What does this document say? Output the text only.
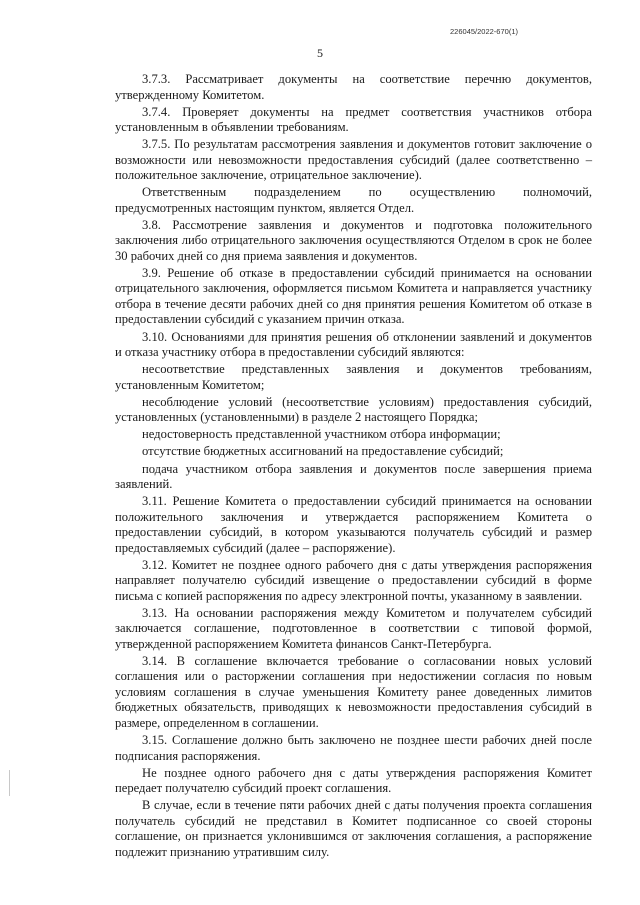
226045/2022-670(1)
5

3.7.3. Рассматривает документы на соответствие перечню документов, утвержденному Комитетом.

3.7.4. Проверяет документы на предмет соответствия участников отбора установленным в объявлении требованиям.

3.7.5. По результатам рассмотрения заявления и документов готовит заключение о возможности или невозможности предоставления субсидий (далее соответственно – положительное заключение, отрицательное заключение).

Ответственным подразделением по осуществлению полномочий, предусмотренных настоящим пунктом, является Отдел.

3.8. Рассмотрение заявления и документов и подготовка положительного заключения либо отрицательного заключения осуществляются Отделом в срок не более 30 рабочих дней со дня приема заявления и документов.

3.9. Решение об отказе в предоставлении субсидий принимается на основании отрицательного заключения, оформляется письмом Комитета и направляется участнику отбора в течение десяти рабочих дней со дня принятия решения Комитетом об отказе в предоставлении субсидий с указанием причин отказа.

3.10. Основаниями для принятия решения об отклонении заявлений и документов и отказа участнику отбора в предоставлении субсидий являются:

несоответствие представленных заявления и документов требованиям, установленным Комитетом;

несоблюдение условий (несоответствие условиям) предоставления субсидий, установленных (установленными) в разделе 2 настоящего Порядка;

недостоверность представленной участником отбора информации;

отсутствие бюджетных ассигнований на предоставление субсидий;

подача участником отбора заявления и документов после завершения приема заявлений.

3.11. Решение Комитета о предоставлении субсидий принимается на основании положительного заключения и утверждается распоряжением Комитета о предоставлении субсидий, в котором указываются получатель субсидий и размер предоставляемых субсидий (далее – распоряжение).

3.12. Комитет не позднее одного рабочего дня с даты утверждения распоряжения направляет получателю субсидий извещение о предоставлении субсидий в форме письма с копией распоряжения по адресу электронной почты, указанному в заявлении.

3.13. На основании распоряжения между Комитетом и получателем субсидий заключается соглашение, подготовленное в соответствии с типовой формой, утвержденной распоряжением Комитета финансов Санкт-Петербурга.

3.14. В соглашение включается требование о согласовании новых условий соглашения или о расторжении соглашения при недостижении согласия по новым условиям соглашения в случае уменьшения Комитету ранее доведенных лимитов бюджетных обязательств, приводящих к невозможности предоставления субсидий в размере, определенном в соглашении.

3.15. Соглашение должно быть заключено не позднее шести рабочих дней после подписания распоряжения.

Не позднее одного рабочего дня с даты утверждения распоряжения Комитет передает получателю субсидий проект соглашения.

В случае, если в течение пяти рабочих дней с даты получения проекта соглашения получатель субсидий не представил в Комитет подписанное со своей стороны соглашение, он признается уклонившимся от заключения соглашения, а распоряжение подлежит признанию утратившим силу.
